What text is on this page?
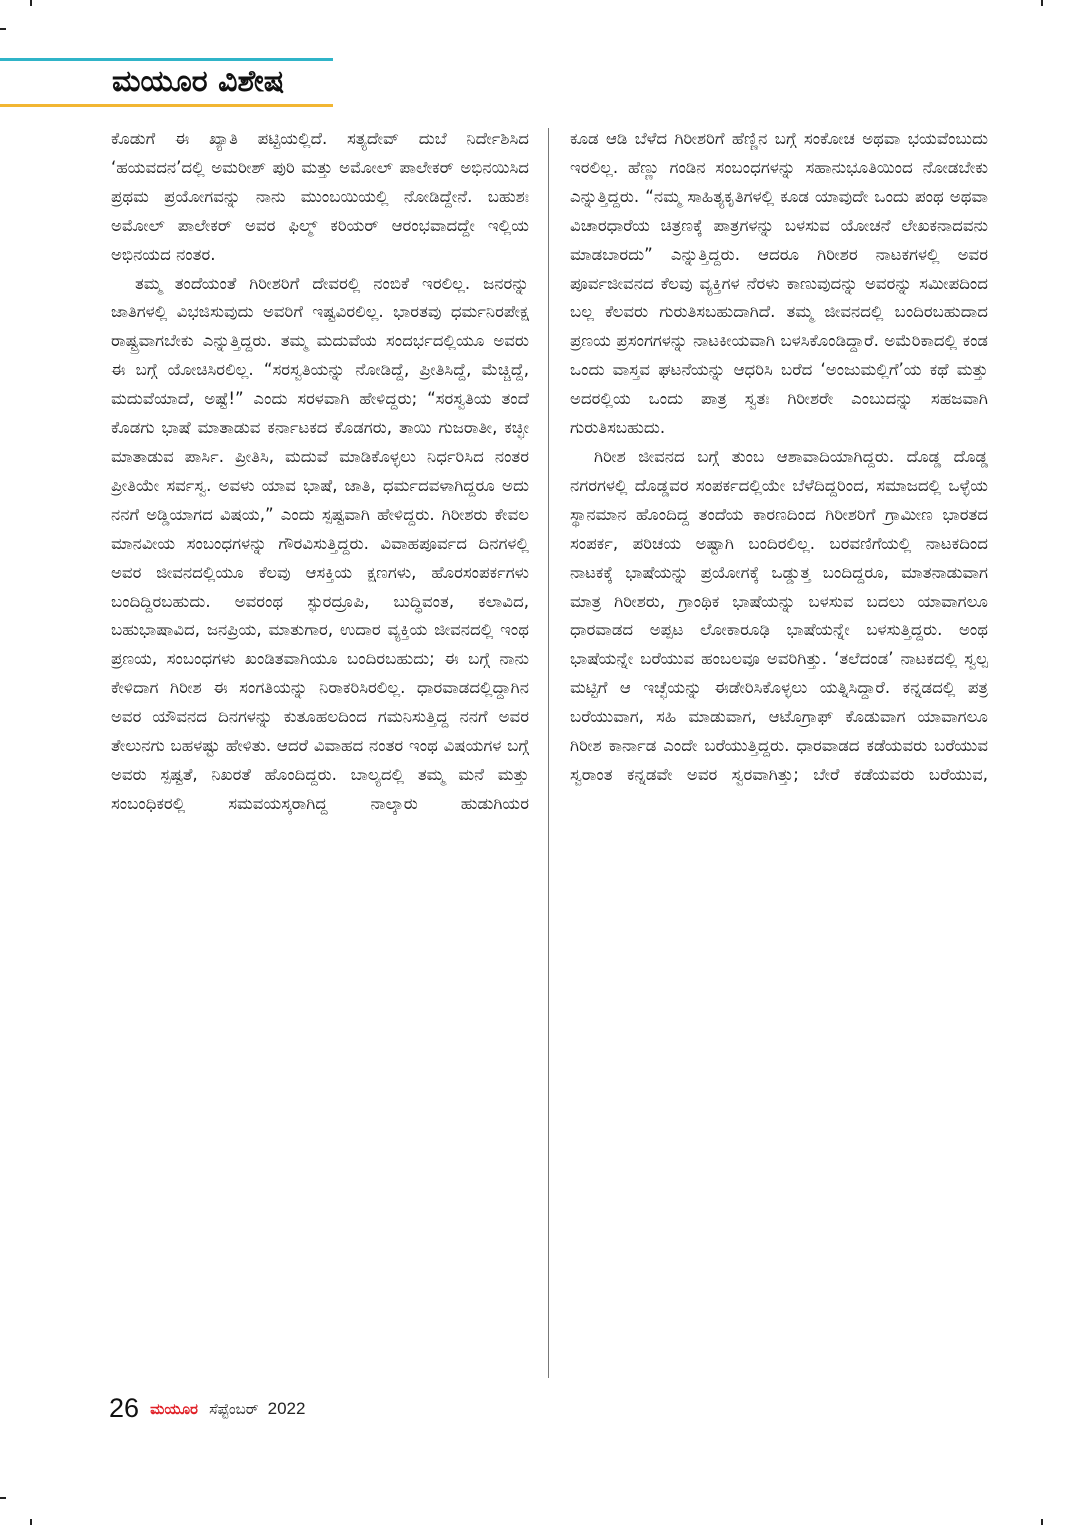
ಮಯೂರ ವಿಶೇಷ

ಕೊಡುಗೆ ಈ ಖ್ಯಾತಿ ಪಟ್ಟಿಯಲ್ಲಿದೆ. ಸತ್ಯದೇವ್ ದುಬೆ ನಿರ್ದೇಶಿಸಿದ ‘ಹಯವದನ’ದಲ್ಲಿ ಅಮರೀಶ್ ಪುರಿ ಮತ್ತು ಅಮೋಲ್ ಪಾಲೇಕರ್ ಅಭಿನಯಿಸಿದ ಪ್ರಥಮ ಪ್ರಯೋಗವನ್ನು ನಾನು ಮುಂಬಯಿಯಲ್ಲಿ ನೋಡಿದ್ದೇನೆ. ಬಹುಶಃ ಅಮೋಲ್ ಪಾಲೇಕರ್ ಅವರ ಫಿಲ್ಮ್ ಕರಿಯರ್ ಆರಂಭವಾದದ್ದೇ ಇಲ್ಲಿಯ ಅಭಿನಯದ ನಂತರ.

ತಮ್ಮ ತಂದೆಯಂತೆ ಗಿರೀಶರಿಗೆ ದೇವರಲ್ಲಿ ನಂಬಿಕೆ ಇರಲಿಲ್ಲ. ಜನರನ್ನು ಜಾತಿಗಳಲ್ಲಿ ವಿಭಜಿಸುವುದು ಅವರಿಗೆ ಇಷ್ಟವಿರಲಿಲ್ಲ. ಭಾರತವು ಧರ್ಮನಿರಪೇಕ್ಷ ರಾಷ್ಟ್ರವಾಗಬೇಕು ಎನ್ನುತ್ತಿದ್ದರು. ತಮ್ಮ ಮದುವೆಯ ಸಂದರ್ಭದಲ್ಲಿಯೂ ಅವರು ಈ ಬಗ್ಗೆ ಯೋಚಿಸಿರಲಿಲ್ಲ. “ಸರಸ್ವತಿಯನ್ನು ನೋಡಿದ್ದೆ, ಪ್ರೀತಿಸಿದ್ದೆ, ಮೆಚ್ಚಿದ್ದೆ, ಮದುವೆಯಾದೆ, ಅಷ್ಟೆ!” ಎಂದು ಸರಳವಾಗಿ ಹೇಳಿದ್ದರು; “ಸರಸ್ವತಿಯ ತಂದೆ ಕೊಡಗು ಭಾಷೆ ಮಾತಾಡುವ ಕರ್ನಾಟಕದ ಕೊಡಗರು, ತಾಯಿ ಗುಜರಾತೀ, ಕಚ್ಛೀ ಮಾತಾಡುವ ಪಾರ್ಸಿ. ಪ್ರೀತಿಸಿ, ಮದುವೆ ಮಾಡಿಕೊಳ್ಳಲು ನಿರ್ಧರಿಸಿದ ನಂತರ ಪ್ರೀತಿಯೇ ಸರ್ವಸ್ವ. ಅವಳು ಯಾವ ಭಾಷೆ, ಜಾತಿ, ಧರ್ಮದವಳಾಗಿದ್ದರೂ ಅದು ನನಗೆ ಅಡ್ಡಿಯಾಗದ ವಿಷಯ,” ಎಂದು ಸ್ಪಷ್ಟವಾಗಿ ಹೇಳಿದ್ದರು. ಗಿರೀಶರು ಕೇವಲ ಮಾನವೀಯ ಸಂಬಂಧಗಳನ್ನು ಗೌರವಿಸುತ್ತಿದ್ದರು. ವಿವಾಹಪೂರ್ವದ ದಿನಗಳಲ್ಲಿ ಅವರ ಜೀವನದಲ್ಲಿಯೂ ಕೆಲವು ಆಸಕ್ತಿಯ ಕ್ಷಣಗಳು, ಹೊರಸಂಪರ್ಕಗಳು ಬಂದಿದ್ದಿರಬಹುದು. ಅವರಂಥ ಸ್ಫುರದ್ರೂಪಿ, ಬುದ್ಧಿವಂತ, ಕಲಾವಿದ, ಬಹುಭಾಷಾವಿದ, ಜನಪ್ರಿಯ, ಮಾತುಗಾರ, ಉದಾರ ವ್ಯಕ್ತಿಯ ಜೀವನದಲ್ಲಿ ಇಂಥ ಪ್ರಣಯ, ಸಂಬಂಧಗಳು ಖಂಡಿತವಾಗಿಯೂ ಬಂದಿರಬಹುದು; ಈ ಬಗ್ಗೆ ನಾನು ಕೇಳಿದಾಗ ಗಿರೀಶ ಈ ಸಂಗತಿಯನ್ನು ನಿರಾಕರಿಸಿರಲಿಲ್ಲ. ಧಾರವಾಡದಲ್ಲಿದ್ದಾಗಿನ ಅವರ ಯೌವನದ ದಿನಗಳನ್ನು ಕುತೂಹಲದಿಂದ ಗಮನಿಸುತ್ತಿದ್ದ ನನಗೆ ಅವರ ತೇಲುನಗು ಬಹಳಷ್ಟು ಹೇಳಿತು. ಆದರೆ ವಿವಾಹದ ನಂತರ ಇಂಥ ವಿಷಯಗಳ ಬಗ್ಗೆ ಅವರು ಸ್ಪಷ್ಟತೆ, ನಿಖರತೆ ಹೊಂದಿದ್ದರು. ಬಾಲ್ಯದಲ್ಲಿ ತಮ್ಮ ಮನೆ ಮತ್ತು ಸಂಬಂಧಿಕರಲ್ಲಿ ಸಮವಯಸ್ಕರಾಗಿದ್ದ ನಾಲ್ಕಾರು ಹುಡುಗಿಯರ

ಕೂಡ ಆಡಿ ಬೆಳೆದ ಗಿರೀಶರಿಗೆ ಹೆಣ್ಣಿನ ಬಗ್ಗೆ ಸಂಕೋಚ ಅಥವಾ ಭಯವೆಂಬುದು ಇರಲಿಲ್ಲ. ಹೆಣ್ಣು ಗಂಡಿನ ಸಂಬಂಧಗಳನ್ನು ಸಹಾನುಭೂತಿಯಿಂದ ನೋಡಬೇಕು ಎನ್ನುತ್ತಿದ್ದರು. “ನಮ್ಮ ಸಾಹಿತ್ಯಕೃತಿಗಳಲ್ಲಿ ಕೂಡ ಯಾವುದೇ ಒಂದು ಪಂಥ ಅಥವಾ ವಿಚಾರಧಾರೆಯ ಚಿತ್ರಣಕ್ಕೆ ಪಾತ್ರಗಳನ್ನು ಬಳಸುವ ಯೋಚನೆ ಲೇಖಕನಾದವನು ಮಾಡಬಾರದು” ಎನ್ನುತ್ತಿದ್ದರು. ಆದರೂ ಗಿರೀಶರ ನಾಟಕಗಳಲ್ಲಿ ಅವರ ಪೂರ್ವಜೀವನದ ಕೆಲವು ವ್ಯಕ್ತಿಗಳ ನೆರಳು ಕಾಣುವುದನ್ನು ಅವರನ್ನು ಸಮೀಪದಿಂದ ಬಲ್ಲ ಕೆಲವರು ಗುರುತಿಸಬಹುದಾಗಿದೆ. ತಮ್ಮ ಜೀವನದಲ್ಲಿ ಬಂದಿರಬಹುದಾದ ಪ್ರಣಯ ಪ್ರಸಂಗಗಳನ್ನು ನಾಟಕೀಯವಾಗಿ ಬಳಸಿಕೊಂಡಿದ್ದಾರೆ. ಅಮೆರಿಕಾದಲ್ಲಿ ಕಂಡ ಒಂದು ವಾಸ್ತವ ಘಟನೆಯನ್ನು ಆಧರಿಸಿ ಬರೆದ ‘ಅಂಜುಮಲ್ಲಿಗೆ’ಯ ಕಥೆ ಮತ್ತು ಅದರಲ್ಲಿಯ ಒಂದು ಪಾತ್ರ ಸ್ವತಃ ಗಿರೀಶರೇ ಎಂಬುದನ್ನು ಸಹಜವಾಗಿ ಗುರುತಿಸಬಹುದು.

ಗಿರೀಶ ಜೀವನದ ಬಗ್ಗೆ ತುಂಬ ಆಶಾವಾದಿಯಾಗಿದ್ದರು. ದೊಡ್ಡ ದೊಡ್ಡ ನಗರಗಳಲ್ಲಿ ದೊಡ್ಡವರ ಸಂಪರ್ಕದಲ್ಲಿಯೇ ಬೆಳೆದಿದ್ದರಿಂದ, ಸಮಾಜದಲ್ಲಿ ಒಳ್ಳೆಯ ಸ್ಥಾನಮಾನ ಹೊಂದಿದ್ದ ತಂದೆಯ ಕಾರಣದಿಂದ ಗಿರೀಶರಿಗೆ ಗ್ರಾಮೀಣ ಭಾರತದ ಸಂಪರ್ಕ, ಪರಿಚಯ ಅಷ್ಟಾಗಿ ಬಂದಿರಲಿಲ್ಲ. ಬರವಣಿಗೆಯಲ್ಲಿ ನಾಟಕದಿಂದ ನಾಟಕಕ್ಕೆ ಭಾಷೆಯನ್ನು ಪ್ರಯೋಗಕ್ಕೆ ಒಡ್ಡುತ್ತ ಬಂದಿದ್ದರೂ, ಮಾತನಾಡುವಾಗ ಮಾತ್ರ ಗಿರೀಶರು, ಗ್ರಾಂಥಿಕ ಭಾಷೆಯನ್ನು ಬಳಸುವ ಬದಲು ಯಾವಾಗಲೂ ಧಾರವಾಡದ ಅಪ್ಪಟ ಲೋಕಾರೂಢಿ ಭಾಷೆಯನ್ನೇ ಬಳಸುತ್ತಿದ್ದರು. ಅಂಥ ಭಾಷೆಯನ್ನೇ ಬರೆಯುವ ಹಂಬಲವೂ ಅವರಿಗಿತ್ತು. ‘ತಲೆದಂಡ’ ನಾಟಕದಲ್ಲಿ ಸ್ವಲ್ಪ ಮಟ್ಟಿಗೆ ಆ ಇಚ್ಛೆಯನ್ನು ಈಡೇರಿಸಿಕೊಳ್ಳಲು ಯತ್ನಿಸಿದ್ದಾರೆ. ಕನ್ನಡದಲ್ಲಿ ಪತ್ರ ಬರೆಯುವಾಗ, ಸಹಿ ಮಾಡುವಾಗ, ಆಟೊಗ್ರಾಫ್ ಕೊಡುವಾಗ ಯಾವಾಗಲೂ ಗಿರೀಶ ಕಾರ್ನಾಡ ಎಂದೇ ಬರೆಯುತ್ತಿದ್ದರು. ಧಾರವಾಡದ ಕಡೆಯವರು ಬರೆಯುವ ಸ್ವರಾಂತ ಕನ್ನಡವೇ ಅವರ ಸ್ವರವಾಗಿತ್ತು; ಬೇರೆ ಕಡೆಯವರು ಬರೆಯುವ,

26 ಮಯೂರ ಸೆಪ್ಟೆಂಬರ್ 2022
